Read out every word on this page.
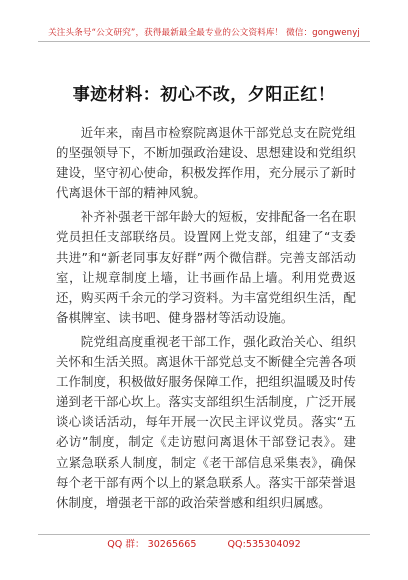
关注头条号“公文研究”，获得最新最全最专业的公文资料库！ 微信：gongwenyj
事迹材料：初心不改，夕阳正红！

近年来，南昌市检察院离退休干部党总支在院党组的坚强领导下，不断加强政治建设、思想建设和党组织建设，坚守初心使命，积极发挥作用，充分展示了新时代离退休干部的精神风貌。

补齐补强老干部年龄大的短板，安排配备一名在职党员担任支部联络员。设置网上党支部，组建了“支委共进”和“新老同事友好群”两个微信群。完善支部活动室，让规章制度上墙，让书画作品上墙。利用党费返还，购买两千余元的学习资料。为丰富党组织生活，配备棋牌室、读书吧、健身器材等活动设施。

院党组高度重视老干部工作，强化政治关心、组织关怀和生活关照。离退休干部党总支不断健全完善各项工作制度，积极做好服务保障工作，把组织温暖及时传递到老干部心坎上。落实支部组织生活制度，广泛开展谈心谈话活动，每年开展一次民主评议党员。落实“五必访”制度，制定《走访慰问离退休干部登记表》。建立紧急联系人制度，制定《老干部信息采集表》，确保每个老干部有两个以上的紧急联系人。落实干部荣誉退休制度，增强老干部的政治荣誉感和组织归属感。

QQ 群： 30265665	QQ:535304092
